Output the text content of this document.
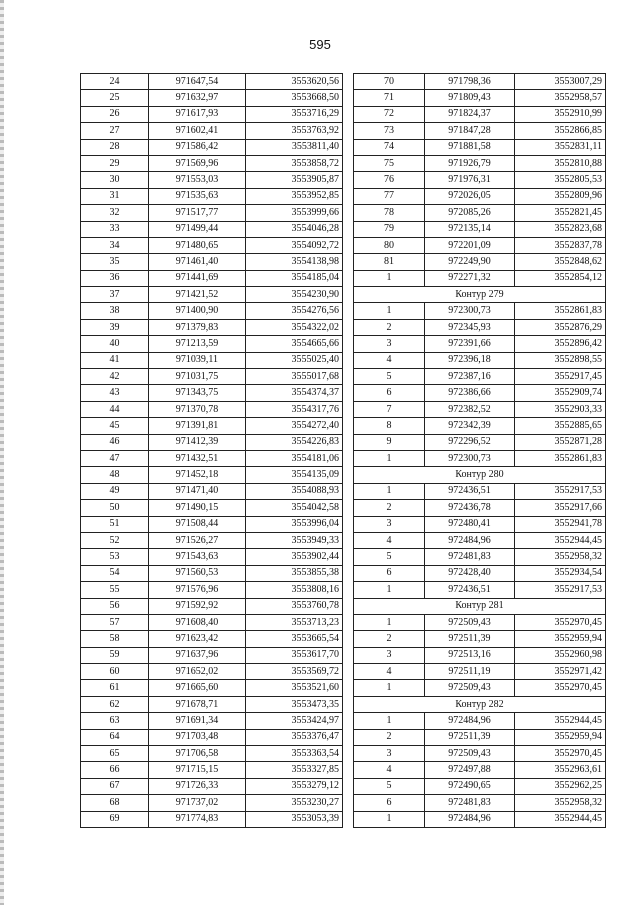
595
24	971647,54	3553620,56
25	971632,97	3553668,50
26	971617,93	3553716,29
27	971602,41	3553763,92
28	971586,42	3553811,40
29	971569,96	3553858,72
30	971553,03	3553905,87
31	971535,63	3553952,85
32	971517,77	3553999,66
33	971499,44	3554046,28
34	971480,65	3554092,72
35	971461,40	3554138,98
36	971441,69	3554185,04
37	971421,52	3554230,90
38	971400,90	3554276,56
39	971379,83	3554322,02
40	971213,59	3554665,66
41	971039,11	3555025,40
42	971031,75	3555017,68
43	971343,75	3554374,37
44	971370,78	3554317,76
45	971391,81	3554272,40
46	971412,39	3554226,83
47	971432,51	3554181,06
48	971452,18	3554135,09
49	971471,40	3554088,93
50	971490,15	3554042,58
51	971508,44	3553996,04
52	971526,27	3553949,33
53	971543,63	3553902,44
54	971560,53	3553855,38
55	971576,96	3553808,16
56	971592,92	3553760,78
57	971608,40	3553713,23
58	971623,42	3553665,54
59	971637,96	3553617,70
60	971652,02	3553569,72
61	971665,60	3553521,60
62	971678,71	3553473,35
63	971691,34	3553424,97
64	971703,48	3553376,47
65	971706,58	3553363,54
66	971715,15	3553327,85
67	971726,33	3553279,12
68	971737,02	3553230,27
69	971774,83	3553053,39
70	971798,36	3553007,29
71	971809,43	3552958,57
72	971824,37	3552910,99
73	971847,28	3552866,85
74	971881,58	3552831,11
75	971926,79	3552810,88
76	971976,31	3552805,53
77	972026,05	3552809,96
78	972085,26	3552821,45
79	972135,14	3552823,68
80	972201,09	3552837,78
81	972249,90	3552848,62
1	972271,32	3552854,12
Контур 279		
1	972300,73	3552861,83
2	972345,93	3552876,29
3	972391,66	3552896,42
4	972396,18	3552898,55
5	972387,16	3552917,45
6	972386,66	3552909,74
7	972382,52	3552903,33
8	972342,39	3552885,65
9	972296,52	3552871,28
1	972300,73	3552861,83
Контур 280		
1	972436,51	3552917,53
2	972436,78	3552917,66
3	972480,41	3552941,78
4	972484,96	3552944,45
5	972481,83	3552958,32
6	972428,40	3552934,54
1	972436,51	3552917,53
Контур 281		
1	972509,43	3552970,45
2	972511,39	3552959,94
3	972513,16	3552960,98
4	972511,19	3552971,42
1	972509,43	3552970,45
Контур 282		
1	972484,96	3552944,45
2	972511,39	3552959,94
3	972509,43	3552970,45
4	972497,88	3552963,61
5	972490,65	3552962,25
6	972481,83	3552958,32
1	972484,96	3552944,45
